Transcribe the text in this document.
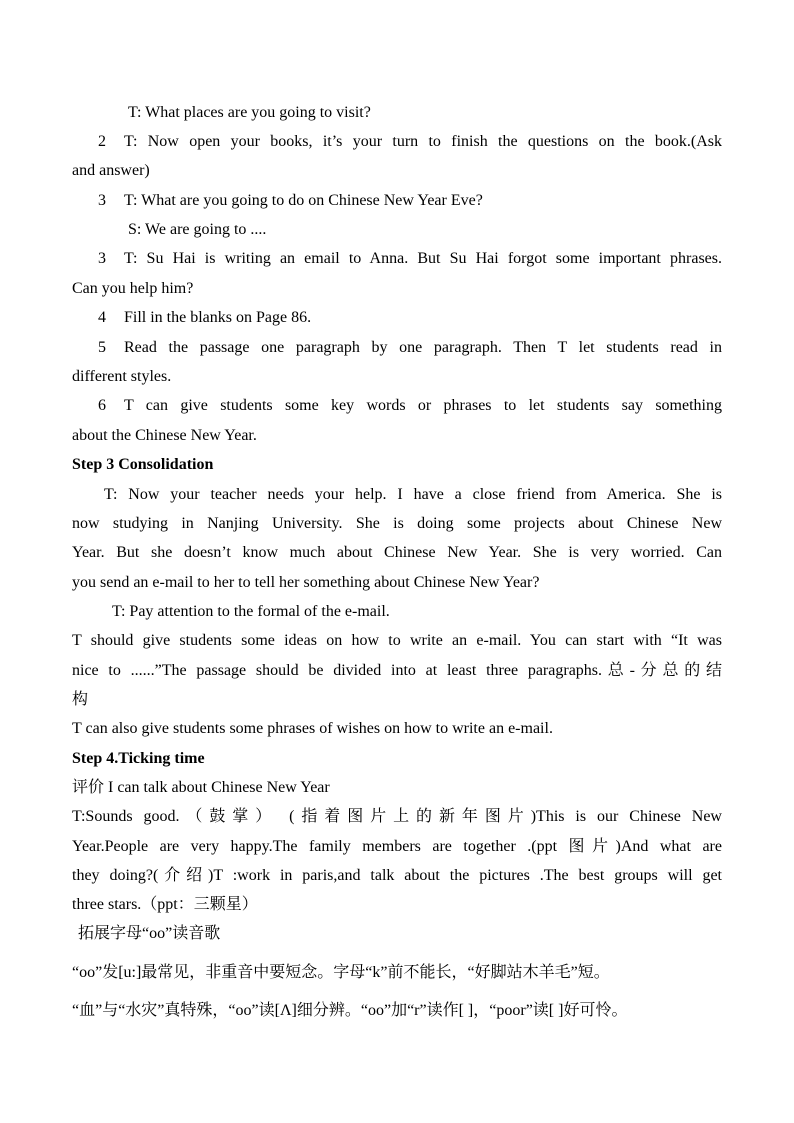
T: What places are you going to visit?
2 T: Now open your books, it’s your turn to finish the questions on the book.(Ask
and answer)
3 T: What are you going to do on Chinese New Year Eve?
S: We are going to ....
3 T: Su Hai is writing an email to Anna. But Su Hai forgot some important phrases.
Can you help him?
4 Fill in the blanks on Page 86.
5 Read the passage one paragraph by one paragraph. Then T let students read in
different styles.
6 T can give students some key words or phrases to let students say something
about the Chinese New Year.
Step 3 Consolidation
T: Now your teacher needs your help. I have a close friend from America. She is
now studying in Nanjing University. She is doing some projects about Chinese New
Year. But she doesn’t know much about Chinese New Year. She is very worried. Can
you send an e-mail to her to tell her something about Chinese New Year?
T: Pay attention to the formal of the e-mail.
T should give students some ideas on how to write an e-mail. You can start with “It was
nice to ......”The passage should be divided into at least three paragraphs.总-分总的结
构
T can also give students some phrases of wishes on how to write an e-mail.
Step 4.Ticking time
评价 I can talk about Chinese New Year
T:Sounds good.（鼓掌） (指着图片上的新年图片)This is our Chinese New
Year.People are very happy.The family members are together .(ppt 图片)And what are
they doing?(介绍)T :work in paris,and talk about the pictures .The best groups will get
three stars.（ppt：三颗星）
拓展字母“oo”读音歌
“oo”发[u:]最常见，非重音中要短念。字母“k”前不能长，“好脚站木羊毛”短。
“血”与“水灾”真特殊，“oo”读[Λ]细分辨。“oo”加“r”读作[ ]，“poor”读[ ]好可怜。
